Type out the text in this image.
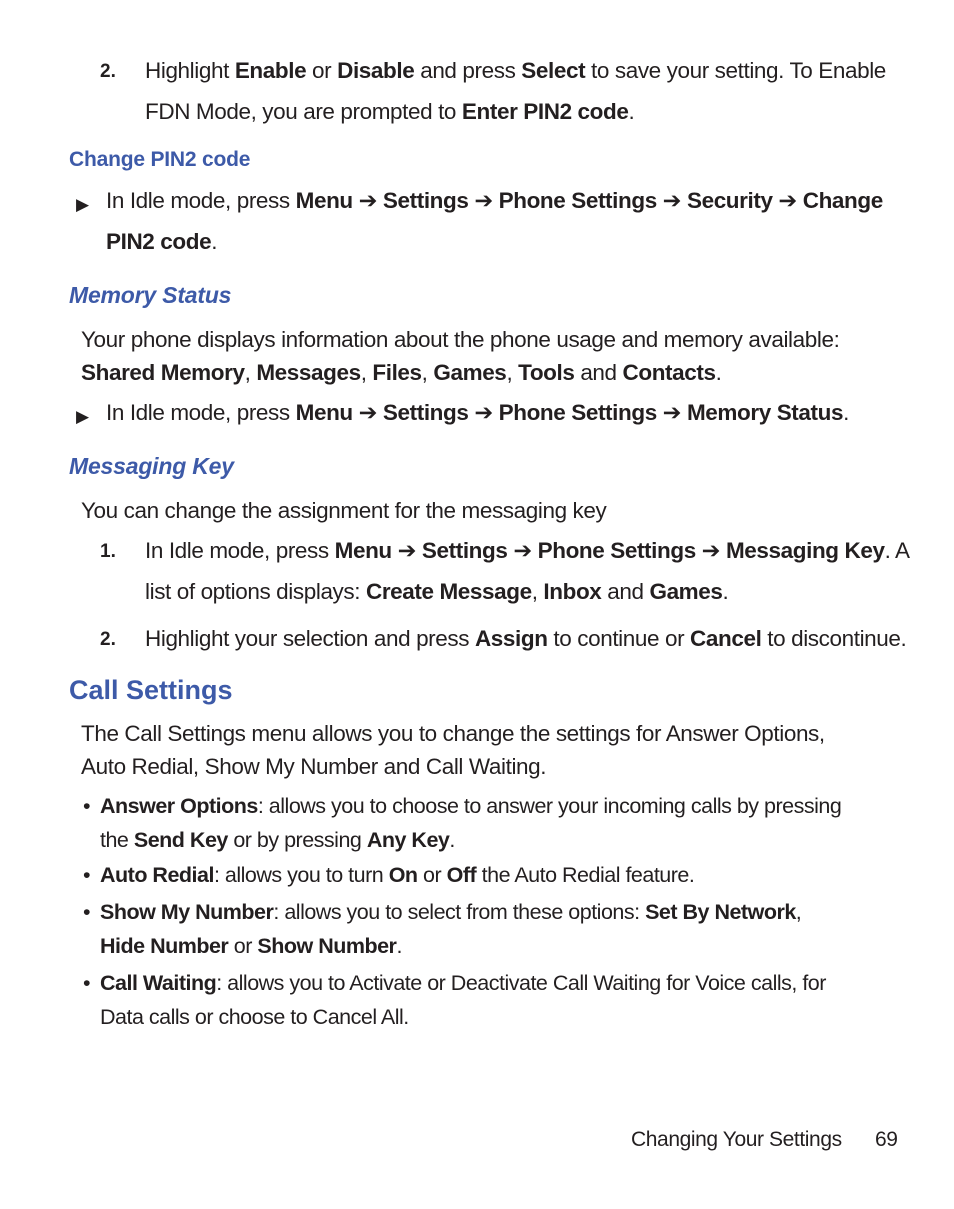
2. Highlight Enable or Disable and press Select to save your setting. To Enable FDN Mode, you are prompted to Enter PIN2 code.
Change PIN2 code
▶ In Idle mode, press Menu ➔ Settings ➔ Phone Settings ➔ Security ➔ Change PIN2 code.
Memory Status
Your phone displays information about the phone usage and memory available:
Shared Memory, Messages, Files, Games, Tools and Contacts.
▶ In Idle mode, press Menu ➔ Settings ➔ Phone Settings ➔ Memory Status.
Messaging Key
You can change the assignment for the messaging key
1. In Idle mode, press Menu ➔ Settings ➔ Phone Settings ➔ Messaging Key. A list of options displays: Create Message, Inbox and Games.
2. Highlight your selection and press Assign to continue or Cancel to discontinue.
Call Settings
The Call Settings menu allows you to change the settings for Answer Options, Auto Redial, Show My Number and Call Waiting.
• Answer Options: allows you to choose to answer your incoming calls by pressing the Send Key or by pressing Any Key.
• Auto Redial: allows you to turn On or Off the Auto Redial feature.
• Show My Number: allows you to select from these options: Set By Network, Hide Number or Show Number.
• Call Waiting: allows you to Activate or Deactivate Call Waiting for Voice calls, for Data calls or choose to Cancel All.
Changing Your Settings 69
